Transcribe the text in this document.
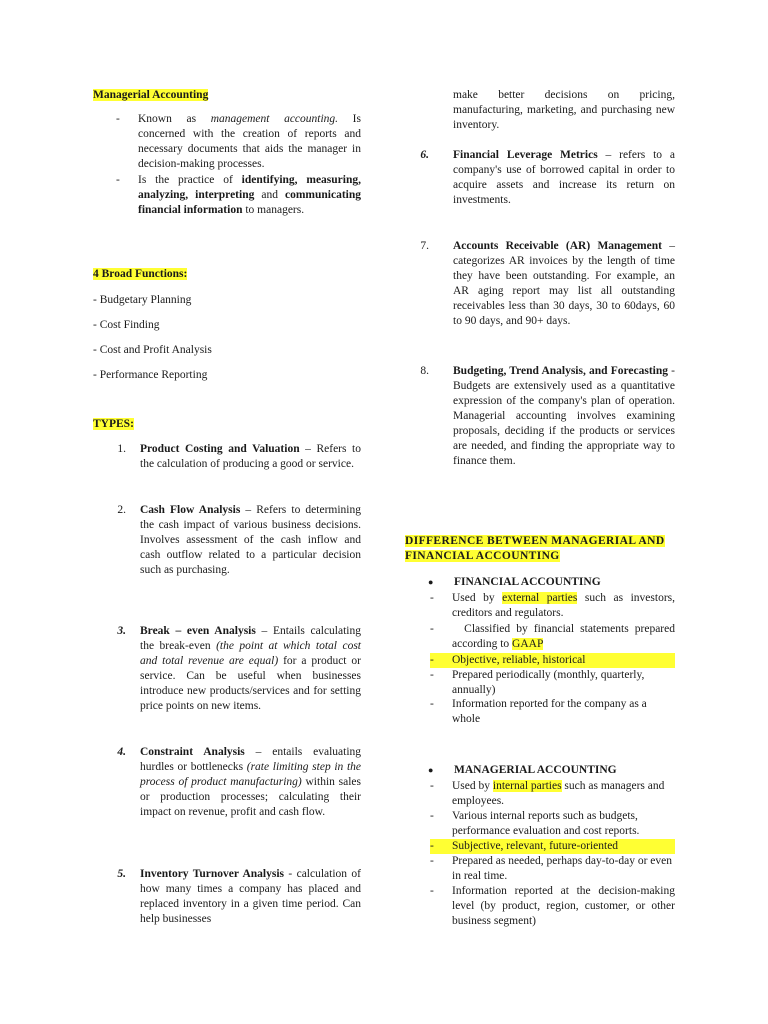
Managerial Accounting
-	Known as management accounting. Is concerned with the creation of reports and necessary documents that aids the manager in decision-making processes.
-	Is the practice of identifying, measuring, analyzing, interpreting and communicating financial information to managers.
4 Broad Functions:
- Budgetary Planning
- Cost Finding
- Cost and Profit Analysis
- Performance Reporting
TYPES:
1. Product Costing and Valuation – Refers to the calculation of producing a good or service.
2. Cash Flow Analysis – Refers to determining the cash impact of various business decisions. Involves assessment of the cash inflow and cash outflow related to a particular decision such as purchasing.
3. Break – even Analysis – Entails calculating the break-even (the point at which total cost and total revenue are equal) for a product or service. Can be useful when businesses introduce new products/services and for setting price points on new items.
4. Constraint Analysis – entails evaluating hurdles or bottlenecks (rate limiting step in the process of product manufacturing) within sales or production processes; calculating their impact on revenue, profit and cash flow.
5. Inventory Turnover Analysis - calculation of how many times a company has placed and replaced inventory in a given time period. Can help businesses
make better decisions on pricing, manufacturing, marketing, and purchasing new inventory.
6. Financial Leverage Metrics – refers to a company's use of borrowed capital in order to acquire assets and increase its return on investments.
7. Accounts Receivable (AR) Management – categorizes AR invoices by the length of time they have been outstanding. For example, an AR aging report may list all outstanding receivables less than 30 days, 30 to 60days, 60 to 90 days, and 90+ days.
8. Budgeting, Trend Analysis, and Forecasting - Budgets are extensively used as a quantitative expression of the company's plan of operation. Managerial accounting involves examining proposals, deciding if the products or services are needed, and finding the appropriate way to finance them.
DIFFERENCE BETWEEN MANAGERIAL AND FINANCIAL ACCOUNTING
●	FINANCIAL ACCOUNTING
-	Used by external parties such as investors, creditors and regulators.
-	Classified by financial statements prepared according to GAAP
-	Objective, reliable, historical
-	Prepared periodically (monthly, quarterly, annually)
-	Information reported for the company as a whole
●	MANAGERIAL ACCOUNTING
-	Used by internal parties such as managers and employees.
-	Various internal reports such as budgets, performance evaluation and cost reports.
-	Subjective, relevant, future-oriented
-	Prepared as needed, perhaps day-to-day or even in real time.
-	Information reported at the decision-making level (by product, region, customer, or other business segment)
